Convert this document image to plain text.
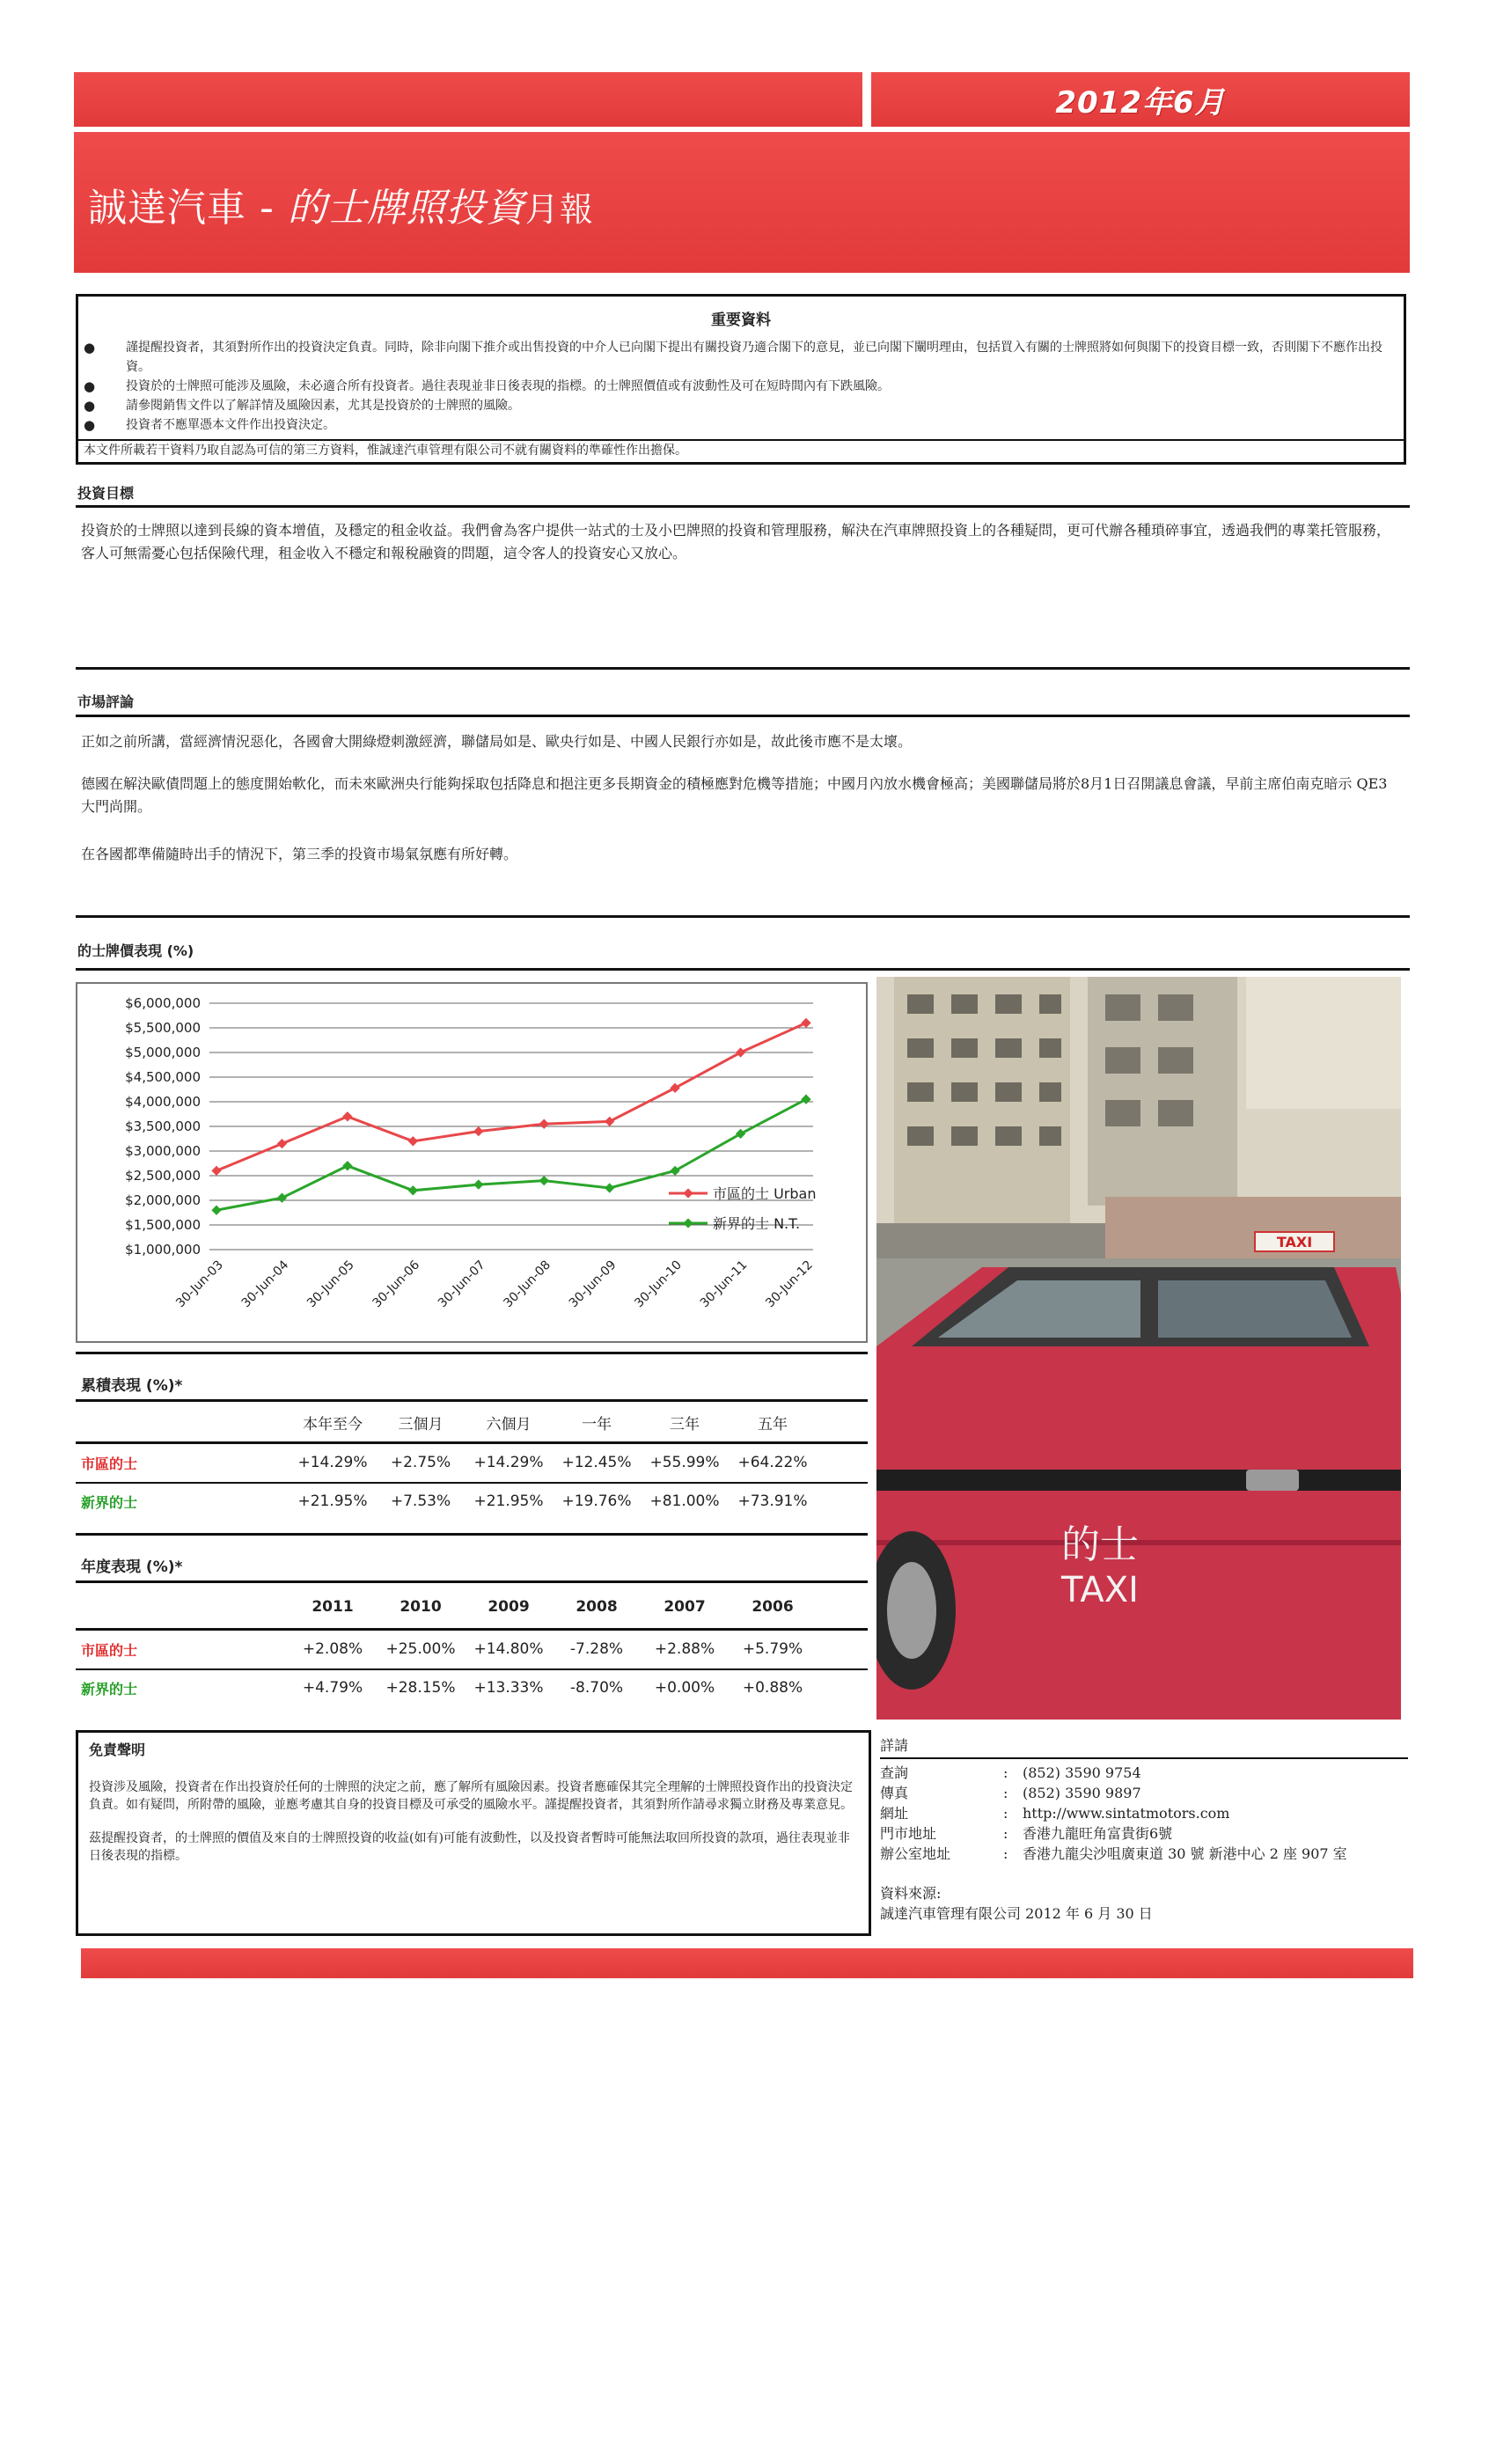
2012年6月
誠達汽車 - 的士牌照投資月報
重要資料
● 謹提醒投資者，其須對所作出的投資決定負責。同時，除非向閣下推介或出售投資的中介人已向閣下提出有關投資乃適合閣下的意見，並已向閣下闡明理由，包括買入有關的士牌照將如何與閣下的投資目標一致，否則閣下不應作出投資。
● 投資於的士牌照可能涉及風險，未必適合所有投資者。過往表現並非日後表現的指標。的士牌照價值或有波動性及可在短時間內有下跌風險。
● 請參閱銷售文件以了解詳情及風險因素，尤其是投資於的士牌照的風險。
● 投資者不應單憑本文件作出投資決定。
本文件所載若干資料乃取自認為可信的第三方資料，惟誠達汽車管理有限公司不就有關資料的準確性作出擔保。
投資目標
投資於的士牌照以達到長線的資本增值，及穩定的租金收益。我們會為客户提供一站式的士及小巴牌照的投資和管理服務，解決在汽車牌照投資上的各種疑問，更可代辦各種瑣碎事宜，透過我們的專業托管服務，客人可無需憂心包括保險代理，租金收入不穩定和報稅融資的問題，這令客人的投資安心又放心。
市場評論
正如之前所講，當經濟情況惡化，各國會大開綠燈刺激經濟，聯儲局如是、歐央行如是、中國人民銀行亦如是，故此後市應不是太壞。
德國在解決歐債問題上的態度開始軟化，而未來歐洲央行能夠採取包括降息和挹注更多長期資金的積極應對危機等措施；中國月內放水機會極高；美國聯儲局將於8月1日召開議息會議，早前主席伯南克暗示 QE3大門尚開。
在各國都準備隨時出手的情況下，第三季的投資市場氣氛應有所好轉。
的士牌價表現 (%)
$6,000,000
$5,500,000
$5,000,000
$4,500,000
$4,000,000
$3,500,000
$3,000,000
$2,500,000
$2,000,000
$1,500,000
$1,000,000
30-Jun-03 30-Jun-04 30-Jun-05 30-Jun-06 30-Jun-07 30-Jun-08 30-Jun-09 30-Jun-10 30-Jun-11 30-Jun-12
市區的士 Urban
新界的士 N.T.
TAXI
的士
TAXI
累積表現 (%)*
本年至今	三個月	六個月	一年	三年	五年
市區的士	+14.29%	+2.75%	+14.29%	+12.45%	+55.99%	+64.22%
新界的士	+21.95%	+7.53%	+21.95%	+19.76%	+81.00%	+73.91%
年度表現 (%)*
2011	2010	2009	2008	2007	2006
市區的士	+2.08%	+25.00%	+14.80%	-7.28%	+2.88%	+5.79%
新界的士	+4.79%	+28.15%	+13.33%	-8.70%	+0.00%	+0.88%
免責聲明
投資涉及風險，投資者在作出投資於任何的士牌照的決定之前，應了解所有風險因素。投資者應確保其完全理解的士牌照投資作出的投資決定負責。如有疑問，所附帶的風險，並應考慮其自身的投資目標及可承受的風險水平。謹提醒投資者，其須對所作請尋求獨立財務及專業意見。
茲提醒投資者，的士牌照的價值及來自的士牌照投資的收益(如有)可能有波動性，以及投資者暫時可能無法取回所投資的款項，過往表現並非日後表現的指標。
詳請
查詢	: (852) 3590 9754
傳真	: (852) 3590 9897
網址	: http://www.sintatmotors.com
門市地址	: 香港九龍旺角富貴街6號
辦公室地址	: 香港九龍尖沙咀廣東道 30 號 新港中心 2 座 907 室
資料來源:
誠達汽車管理有限公司 2012 年 6 月 30 日
